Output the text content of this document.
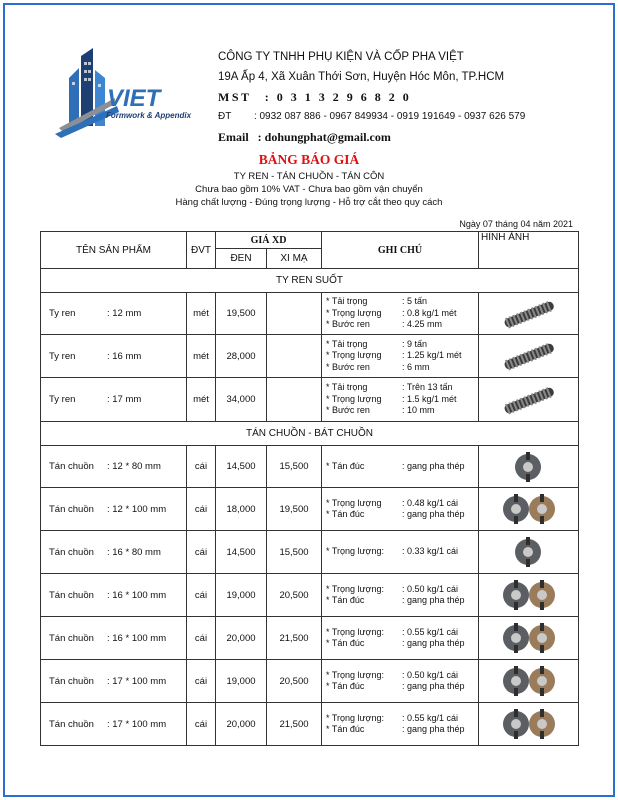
VIET
Formwork & Appendix
CÔNG TY TNHH PHỤ KIỆN VÀ CỐP PHA VIỆT
19A Ấp 4, Xã Xuân Thới Sơn, Huyện Hóc Môn, TP.HCM
MST : 0 3 1 3 2 9 6 8 2 0
ĐT : 0932 087 886 - 0967 849934 - 0919 191649 - 0937 626 579
Email : dohungphat@gmail.com
BẢNG BÁO GIÁ
TY REN - TÁN CHUỒN - TÁN CÔN
Chưa bao gồm 10% VAT - Chưa bao gồm vận chuyển
Hàng chất lượng - Đúng trọng lượng - Hỗ trợ cắt theo quy cách
Ngày 07 tháng 04 năm 2021
TÊN SẢN PHẨM	ĐVT	GIÁ XD		GHI CHÚ	HÌNH ẢNH
		ĐEN	XI MẠ		
TY REN SUỐT					
Ty ren : 12 mm	mét	19,500		* Tải trọng : 5 tấn
* Trọng lượng : 0.8 kg/1 mét
* Bước ren : 4.25 mm

Ty ren : 16 mm	mét	28,000		* Tải trọng : 9 tấn
* Trọng lượng : 1.25 kg/1 mét
* Bước ren : 6 mm

Ty ren : 17 mm	mét	34,000		* Tải trọng : Trên 13 tấn
* Trọng lượng : 1.5 kg/1 mét
* Bước ren : 10 mm

TÁN CHUỒN - BÁT CHUỒN					
Tán chuồn : 12 * 80 mm	cái	14,500	15,500	* Tán đúc : gang pha thép

Tán chuồn : 12 * 100 mm	cái	18,000	19,500	* Trọng lượng : 0.48 kg/1 cái
* Tán đúc : gang pha thép

Tán chuồn : 16 * 80 mm	cái	14,500	15,500	* Trọng lượng: : 0.33 kg/1 cái

Tán chuồn : 16 * 100 mm	cái	19,000	20,500	* Trọng lượng: : 0.50 kg/1 cái
* Tán đúc : gang pha thép

Tán chuồn : 16 * 100 mm	cái	20,000	21,500	* Trọng lượng: : 0.55 kg/1 cái
* Tán đúc : gang pha thép

Tán chuồn : 17 * 100 mm	cái	19,000	20,500	* Trọng lượng: : 0.50 kg/1 cái
* Tán đúc : gang pha thép

Tán chuồn : 17 * 100 mm	cái	20,000	21,500	* Trọng lượng: : 0.55 kg/1 cái
* Tán đúc : gang pha thép
